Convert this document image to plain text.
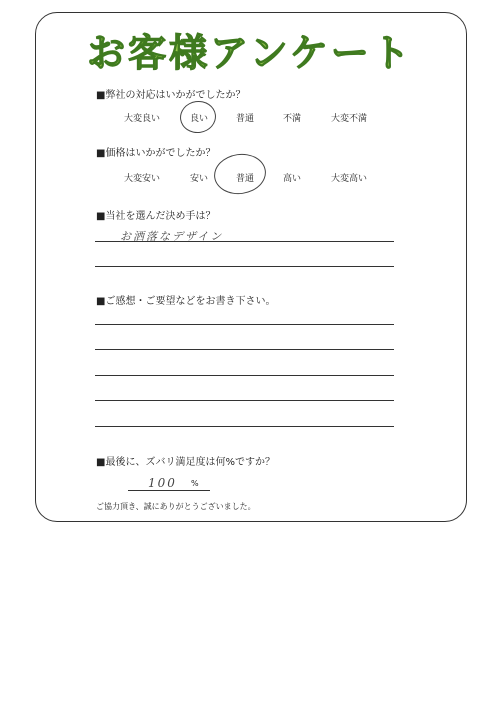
お客様アンケート
■弊社の対応はいかがでしたか？
大変良い	良い	普通	不満	大変不満
■価格はいかがでしたか？
大変安い	安い	普通	高い	大変高い
■当社を選んだ決め手は？
お洒落なデザイン
■ご感想・ご要望などをお書き下さい。
■最後に、ズバリ満足度は何%ですか？
100 %
ご協力頂き、誠にありがとうございました。
